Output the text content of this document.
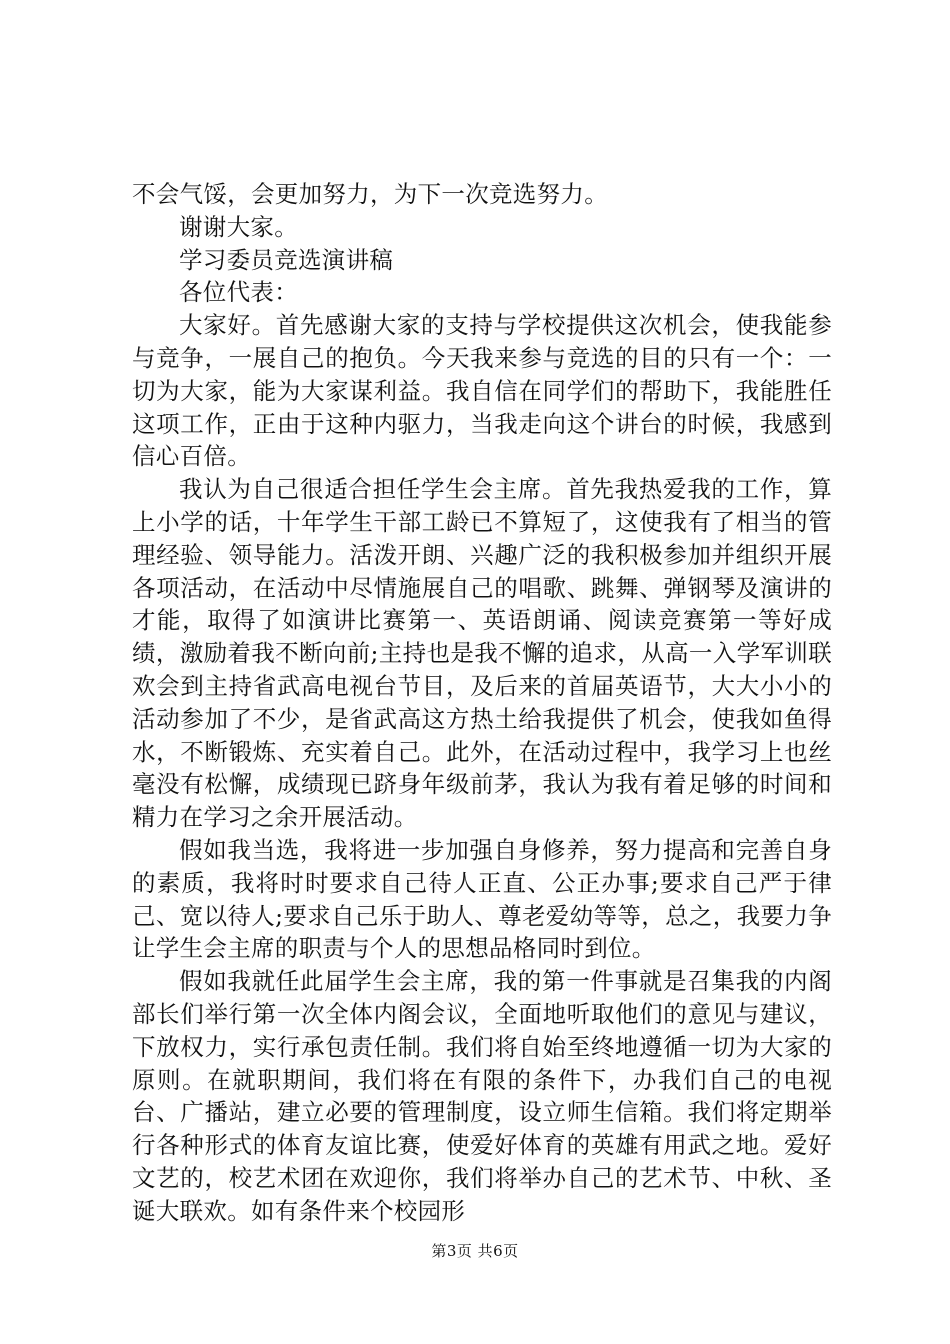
不会气馁，会更加努力，为下一次竞选努力。

谢谢大家。

学习委员竞选演讲稿

各位代表：

大家好。首先感谢大家的支持与学校提供这次机会，使我能参与竞争，一展自己的抱负。今天我来参与竞选的目的只有一个：一切为大家，能为大家谋利益。我自信在同学们的帮助下，我能胜任这项工作，正由于这种内驱力，当我走向这个讲台的时候，我感到信心百倍。

我认为自己很适合担任学生会主席。首先我热爱我的工作，算上小学的话，十年学生干部工龄已不算短了，这使我有了相当的管理经验、领导能力。活泼开朗、兴趣广泛的我积极参加并组织开展各项活动，在活动中尽情施展自己的唱歌、跳舞、弹钢琴及演讲的才能，取得了如演讲比赛第一、英语朗诵、阅读竞赛第一等好成绩，激励着我不断向前;主持也是我不懈的追求，从高一入学军训联欢会到主持省武高电视台节目，及后来的首届英语节，大大小小的活动参加了不少，是省武高这方热土给我提供了机会，使我如鱼得水，不断锻炼、充实着自己。此外，在活动过程中，我学习上也丝毫没有松懈，成绩现已跻身年级前茅，我认为我有着足够的时间和精力在学习之余开展活动。

假如我当选，我将进一步加强自身修养，努力提高和完善自身的素质，我将时时要求自己待人正直、公正办事;要求自己严于律己、宽以待人;要求自己乐于助人、尊老爱幼等等，总之，我要力争让学生会主席的职责与个人的思想品格同时到位。

假如我就任此届学生会主席，我的第一件事就是召集我的内阁部长们举行第一次全体内阁会议，全面地听取他们的意见与建议，下放权力，实行承包责任制。我们将自始至终地遵循一切为大家的原则。在就职期间，我们将在有限的条件下，办我们自己的电视台、广播站，建立必要的管理制度，设立师生信箱。我们将定期举行各种形式的体育友谊比赛，使爱好体育的英雄有用武之地。爱好文艺的，校艺术团在欢迎你，我们将举办自己的艺术节、中秋、圣诞大联欢。如有条件来个校园形

第3页 共6页
